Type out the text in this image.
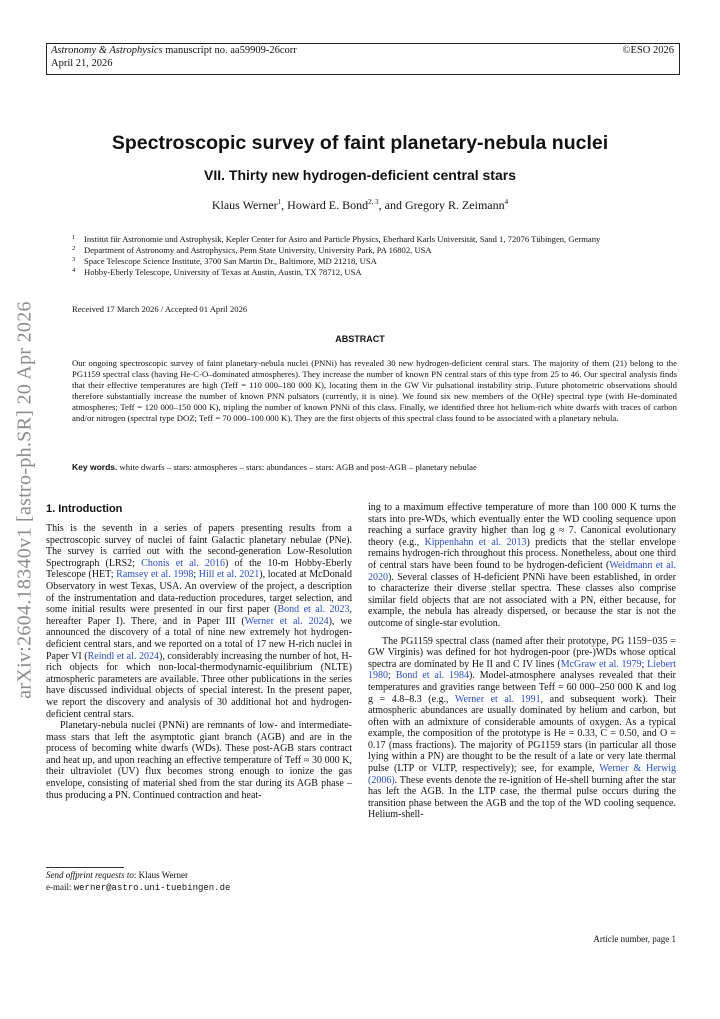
Astronomy & Astrophysics manuscript no. aa59909-26corr
April 21, 2026
©ESO 2026
arXiv:2604.18340v1 [astro-ph.SR] 20 Apr 2026
Spectroscopic survey of faint planetary-nebula nuclei
VII. Thirty new hydrogen-deficient central stars
Klaus Werner$^1$, Howard E. Bond$^{2, 3}$, and Gregory R. Zeimann$^4$
1 Institut für Astronomie und Astrophysik, Kepler Center for Astro and Particle Physics, Eberhard Karls Universität, Sand 1, 72076 Tübingen, Germany
2 Department of Astronomy and Astrophysics, Penn State University, University Park, PA 16802, USA
3 Space Telescope Science Institute, 3700 San Martin Dr., Baltimore, MD 21218, USA
4 Hobby-Eberly Telescope, University of Texas at Austin, Austin, TX 78712, USA
Received 17 March 2026 / Accepted 01 April 2026
ABSTRACT
Our ongoing spectroscopic survey of faint planetary-nebula nuclei (PNNi) has revealed 30 new hydrogen-deficient central stars. The majority of them (21) belong to the PG1159 spectral class (having He-C-O–dominated atmospheres). They increase the number of known PN central stars of this type from 25 to 46. Our spectral analysis finds that their effective temperatures are high (Teff = 110 000–180 000 K), locating them in the GW Vir pulsational instability strip. Future photometric observations should therefore substantially increase the number of known PNN pulsators (currently, it is nine). We found six new members of the O(He) spectral type (with He-dominated atmospheres; Teff = 120 000–150 000 K), tripling the number of known PNNi of this class. Finally, we identified three hot helium-rich white dwarfs with traces of carbon and/or nitrogen (spectral type DOZ; Teff = 70 000–100 000 K). They are the first objects of this spectral class found to be associated with a planetary nebula.
Key words. white dwarfs – stars: atmospheres – stars: abundances – stars: AGB and post-AGB – planetary nebulae
1. Introduction

This is the seventh in a series of papers presenting results from a spectroscopic survey of nuclei of faint Galactic planetary nebulae (PNe). The survey is carried out with the second-generation Low-Resolution Spectrograph (LRS2; Chonis et al. 2016) of the 10-m Hobby-Eberly Telescope (HET; Ramsey et al. 1998; Hill et al. 2021), located at McDonald Observatory in west Texas, USA. An overview of the project, a description of the instrumentation and data-reduction procedures, target selection, and some initial results were presented in our first paper (Bond et al. 2023, hereafter Paper I). There, and in Paper III (Werner et al. 2024), we announced the discovery of a total of nine new extremely hot hydrogen-deficient central stars, and we reported on a total of 17 new H-rich nuclei in Paper VI (Reindl et al. 2024), considerably increasing the number of hot, H-rich objects for which non-local-thermodynamic-equilibrium (NLTE) atmospheric parameters are available. Three other publications in the series have discussed individual objects of special interest. In the present paper, we report the discovery and analysis of 30 additional hot and hydrogen-deficient central stars.

Planetary-nebula nuclei (PNNi) are remnants of low- and intermediate-mass stars that left the asymptotic giant branch (AGB) and are in the process of becoming white dwarfs (WDs). These post-AGB stars contract and heat up, and upon reaching an effective temperature of Teff ≈ 30 000 K, their ultraviolet (UV) flux becomes strong enough to ionize the gas envelope, consisting of material shed from the star during its AGB phase – thus producing a PN. Continued contraction and heat-

ing to a maximum effective temperature of more than 100 000 K turns the stars into pre-WDs, which eventually enter the WD cooling sequence upon reaching a surface gravity higher than log g ≈ 7. Canonical evolutionary theory (e.g., Kippenhahn et al. 2013) predicts that the stellar envelope remains hydrogen-rich throughout this process. Nonetheless, about one third of central stars have been found to be hydrogen-deficient (Weidmann et al. 2020). Several classes of H-deficient PNNi have been established, in order to characterize their diverse stellar spectra. These classes also comprise similar field objects that are not associated with a PN, either because, for example, the nebula has already dispersed, or because the star is not the outcome of single-star evolution.

The PG1159 spectral class (named after their prototype, PG 1159−035 = GW Virginis) was defined for hot hydrogen-poor (pre-)WDs whose optical spectra are dominated by He II and C IV lines (McGraw et al. 1979; Liebert 1980; Bond et al. 1984). Model-atmosphere analyses revealed that their temperatures and gravities range between Teff = 60 000–250 000 K and log g = 4.8–8.3 (e.g., Werner et al. 1991, and subsequent work). Their atmospheric abundances are usually dominated by helium and carbon, but often with an admixture of considerable amounts of oxygen. As a typical example, the composition of the prototype is He = 0.33, C = 0.50, and O = 0.17 (mass fractions). The majority of PG1159 stars (in particular all those lying within a PN) are thought to be the result of a late or very late thermal pulse (LTP or VLTP, respectively); see, for example, Werner & Herwig (2006). These events denote the re-ignition of He-shell burning after the star has left the AGB. In the LTP case, the thermal pulse occurs during the transition phase between the AGB and the top of the WD cooling sequence. Helium-shell-

Send offprint requests to: Klaus Werner
e-mail: werner@astro.uni-tuebingen.de
Article number, page 1
